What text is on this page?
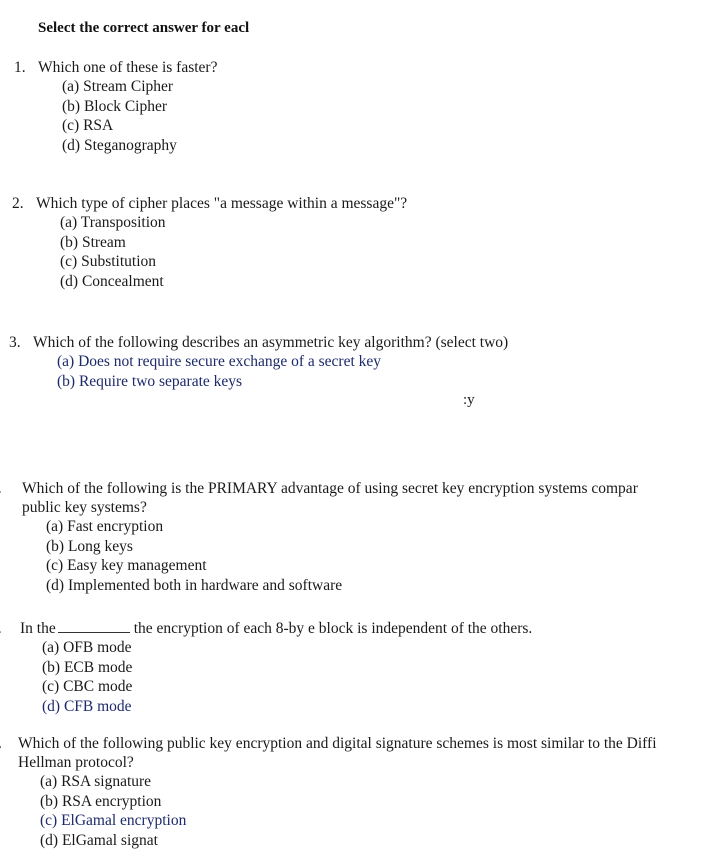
Select the correct answer for eacl
1. Which one of these is faster?
(a) Stream Cipher
(b) Block Cipher
(c) RSA
(d) Steganography
2. Which type of cipher places "a message within a message"?
(a) Transposition
(b) Stream
(c) Substitution
(d) Concealment
3. Which of the following describes an asymmetric key algorithm? (select two)
(a) Does not require secure exchange of a secret key
(b) Require two separate keys
:y
Which of the following is the PRIMARY advantage of using secret key encryption systems compar
public key systems?
(a) Fast encryption
(b) Long keys
(c) Easy key management
(d) Implemented both in hardware and software
In the	the encryption of each 8-by e block is independent of the others.
(a) OFB mode
(b) ECB mode
(c) CBC mode
(d) CFB mode
Which of the following public key encryption and digital signature schemes is most similar to the Diffi
Hellman protocol?
(a) RSA signature
(b) RSA encryption
(c) ElGamal encryption
(d) ElGamal signat
